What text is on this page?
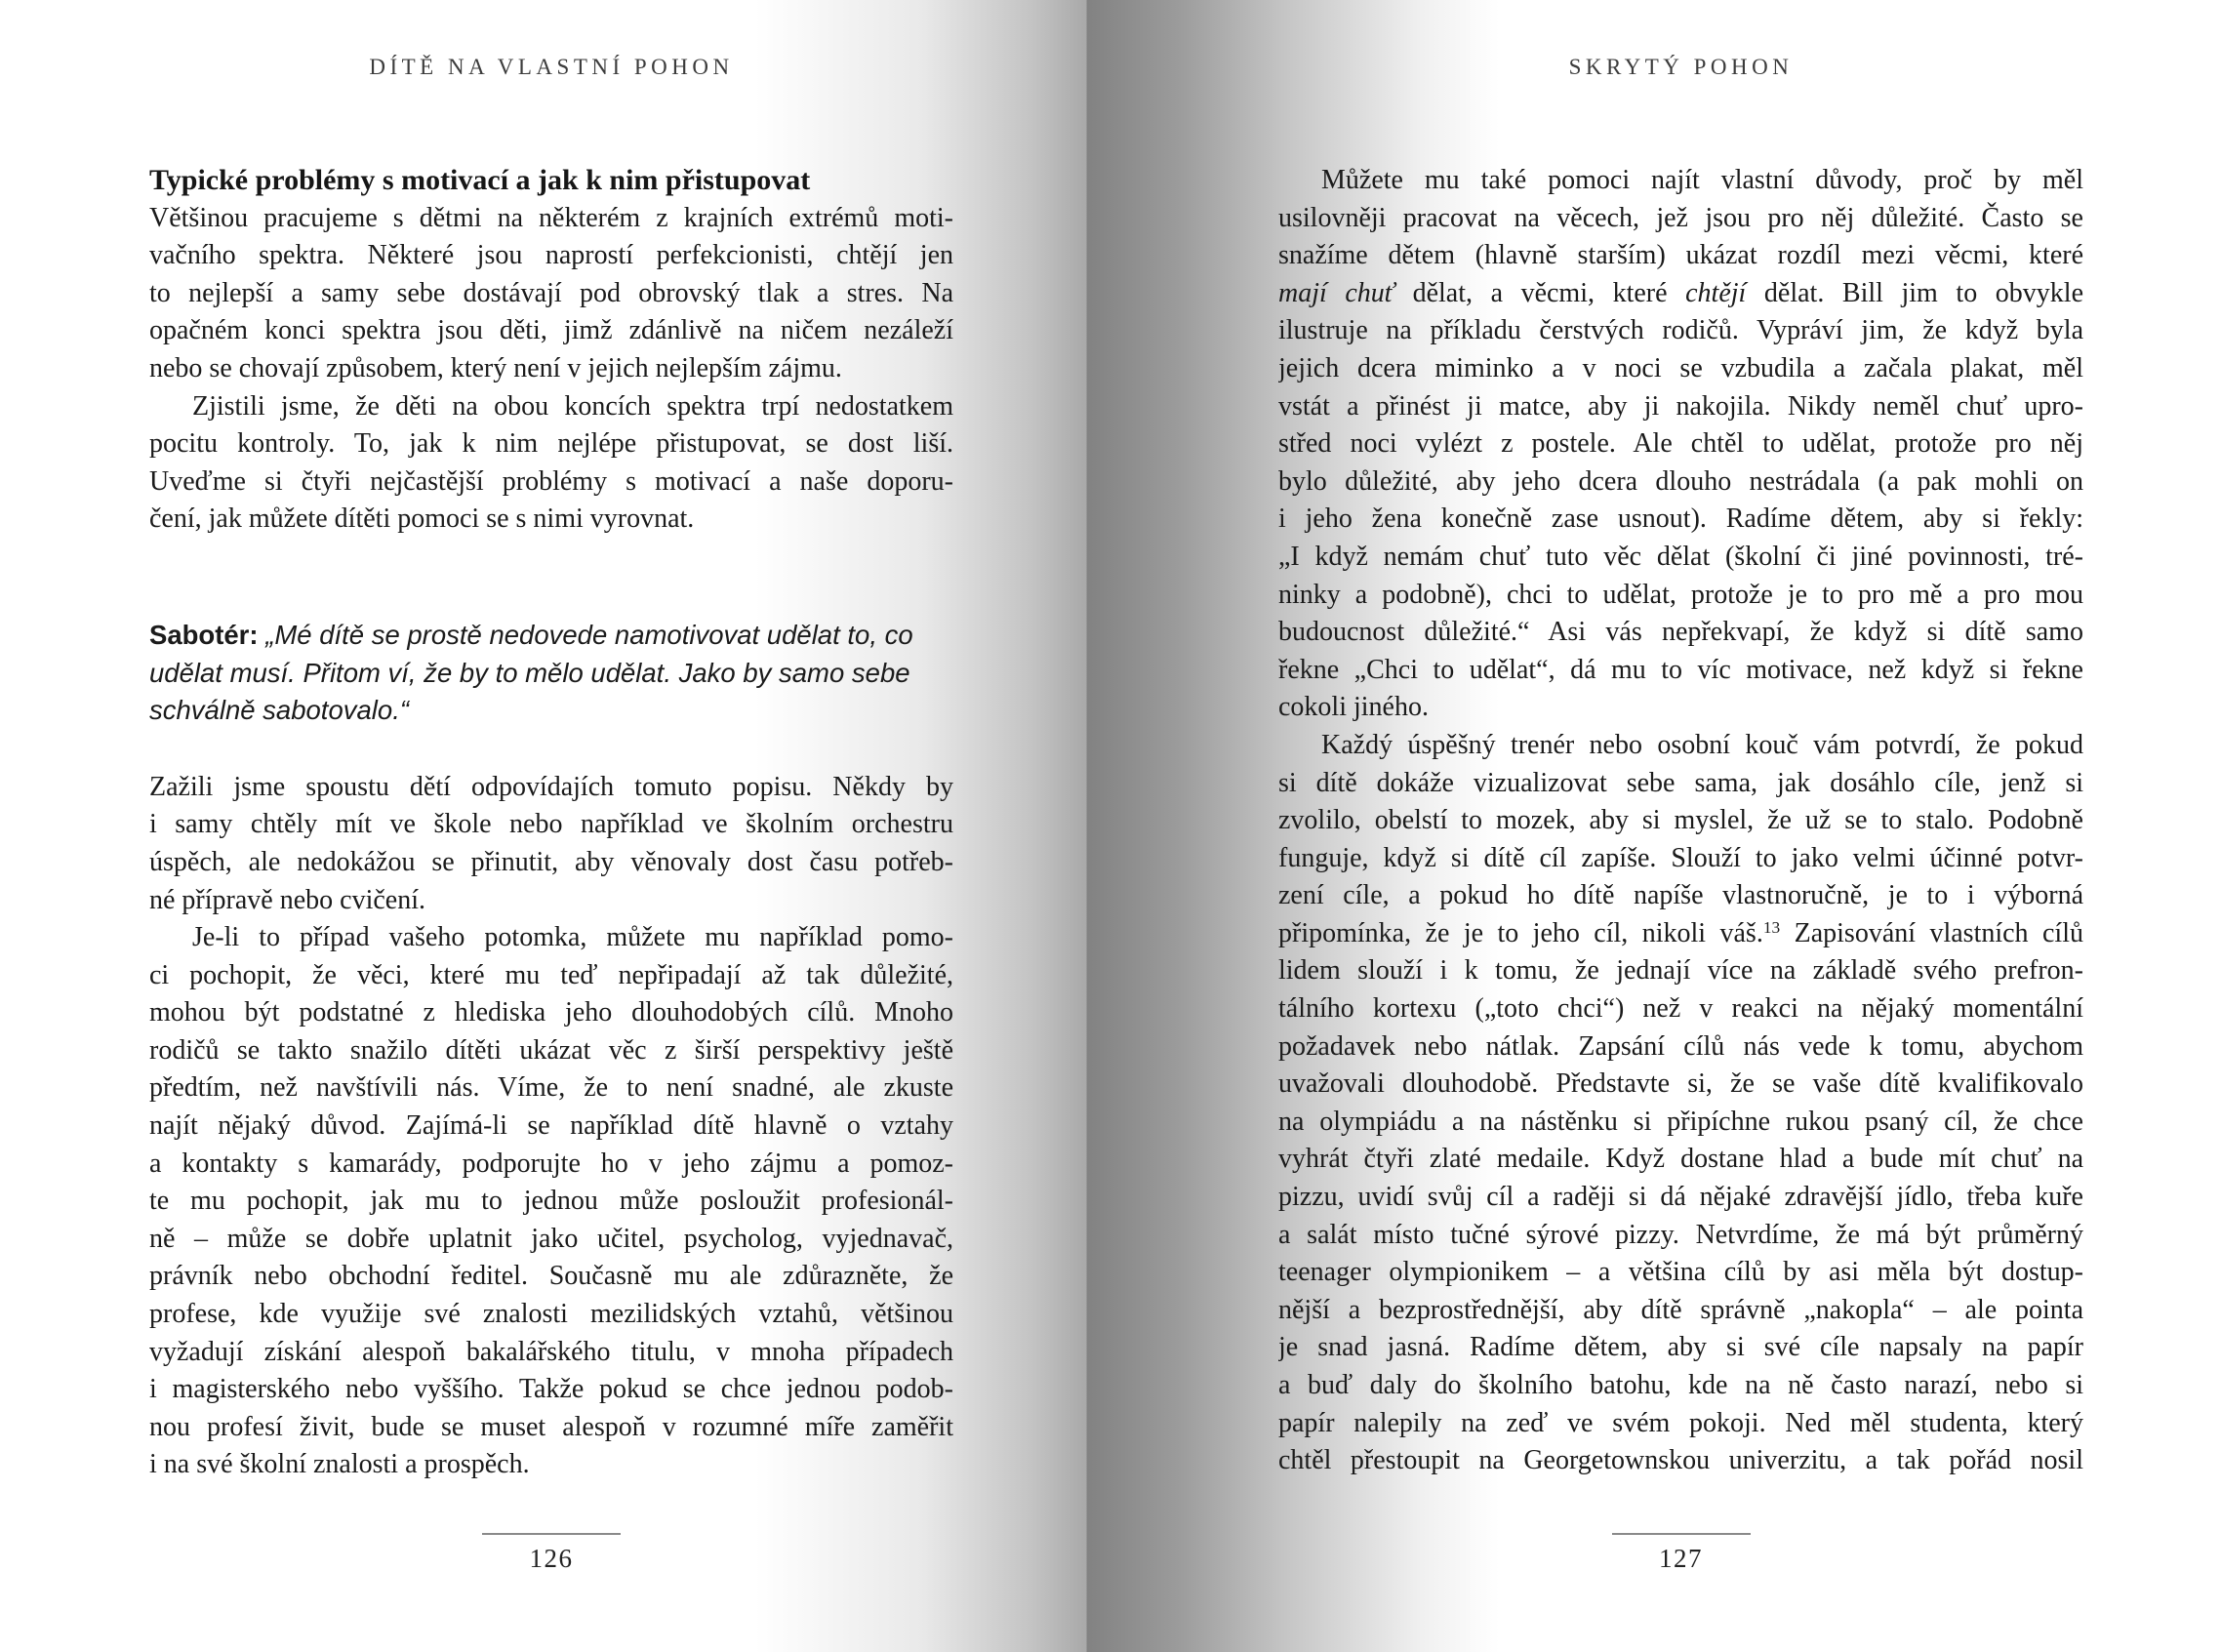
DÍTĚ NA VLASTNÍ POHON
Typické problémy s motivací a jak k nim přistupovat
Většinou pracujeme s dětmi na některém z krajních extrémů moti-
vačního spektra. Některé jsou naprostí perfekcionisti, chtějí jen
to nejlepší a samy sebe dostávají pod obrovský tlak a stres. Na
opačném konci spektra jsou děti, jimž zdánlivě na ničem nezáleží
nebo se chovají způsobem, který není v jejich nejlepším zájmu.
Zjistili jsme, že děti na obou koncích spektra trpí nedostatkem
pocitu kontroly. To, jak k nim nejlépe přistupovat, se dost liší.
Uveďme si čtyři nejčastější problémy s motivací a naše doporu-
čení, jak můžete dítěti pomoci se s nimi vyrovnat.
Sabotér: „Mé dítě se prostě nedovede namotivovat udělat to, co
udělat musí. Přitom ví, že by to mělo udělat. Jako by samo sebe
schválně sabotovalo.“
Zažili jsme spoustu dětí odpovídajích tomuto popisu. Někdy by
i samy chtěly mít ve škole nebo například ve školním orchestru
úspěch, ale nedokážou se přinutit, aby věnovaly dost času potřeb-
né přípravě nebo cvičení.
Je-li to případ vašeho potomka, můžete mu například pomo-
ci pochopit, že věci, které mu teď nepřipadají až tak důležité,
mohou být podstatné z hlediska jeho dlouhodobých cílů. Mnoho
rodičů se takto snažilo dítěti ukázat věc z širší perspektivy ještě
předtím, než navštívili nás. Víme, že to není snadné, ale zkuste
najít nějaký důvod. Zajímá-li se například dítě hlavně o vztahy
a kontakty s kamarády, podporujte ho v jeho zájmu a pomoz-
te mu pochopit, jak mu to jednou může posloužit profesionál-
ně – může se dobře uplatnit jako učitel, psycholog, vyjednavač,
právník nebo obchodní ředitel. Současně mu ale zdůrazněte, že
profese, kde využije své znalosti mezilidských vztahů, většinou
vyžadují získání alespoň bakalářského titulu, v mnoha případech
i magisterského nebo vyššího. Takže pokud se chce jednou podob-
nou profesí živit, bude se muset alespoň v rozumné míře zaměřit
i na své školní znalosti a prospěch.
126
SKRYTÝ POHON
Můžete mu také pomoci najít vlastní důvody, proč by měl
usilovněji pracovat na věcech, jež jsou pro něj důležité. Často se
snažíme dětem (hlavně starším) ukázat rozdíl mezi věcmi, které
mají chuť dělat, a věcmi, které chtějí dělat. Bill jim to obvykle
ilustruje na příkladu čerstvých rodičů. Vypráví jim, že když byla
jejich dcera miminko a v noci se vzbudila a začala plakat, měl
vstát a přinést ji matce, aby ji nakojila. Nikdy neměl chuť upro-
střed noci vylézt z postele. Ale chtěl to udělat, protože pro něj
bylo důležité, aby jeho dcera dlouho nestrádala (a pak mohli on
i jeho žena konečně zase usnout). Radíme dětem, aby si řekly:
„I když nemám chuť tuto věc dělat (školní či jiné povinnosti, tré-
ninky a podobně), chci to udělat, protože je to pro mě a pro mou
budoucnost důležité.“ Asi vás nepřekvapí, že když si dítě samo
řekne „Chci to udělat“, dá mu to víc motivace, než když si řekne
cokoli jiného.
Každý úspěšný trenér nebo osobní kouč vám potvrdí, že pokud
si dítě dokáže vizualizovat sebe sama, jak dosáhlo cíle, jenž si
zvolilo, obelstí to mozek, aby si myslel, že už se to stalo. Podobně
funguje, když si dítě cíl zapíše. Slouží to jako velmi účinné potvr-
zení cíle, a pokud ho dítě napíše vlastnoručně, je to i výborná
připomínka, že je to jeho cíl, nikoli váš.$^{13}$ Zapisování vlastních cílů
lidem slouží i k tomu, že jednají více na základě svého prefron-
tálního kortexu („toto chci“) než v reakci na nějaký momentální
požadavek nebo nátlak. Zapsání cílů nás vede k tomu, abychom
uvažovali dlouhodobě. Představte si, že se vaše dítě kvalifikovalo
na olympiádu a na nástěnku si připíchne rukou psaný cíl, že chce
vyhrát čtyři zlaté medaile. Když dostane hlad a bude mít chuť na
pizzu, uvidí svůj cíl a raději si dá nějaké zdravější jídlo, třeba kuře
a salát místo tučné sýrové pizzy. Netvrdíme, že má být průměrný
teenager olympionikem – a většina cílů by asi měla být dostup-
nější a bezprostřednější, aby dítě správně „nakopla“ – ale pointa
je snad jasná. Radíme dětem, aby si své cíle napsaly na papír
a buď daly do školního batohu, kde na ně často narazí, nebo si
papír nalepily na zeď ve svém pokoji. Ned měl studenta, který
chtěl přestoupit na Georgetownskou univerzitu, a tak pořád nosil
127
